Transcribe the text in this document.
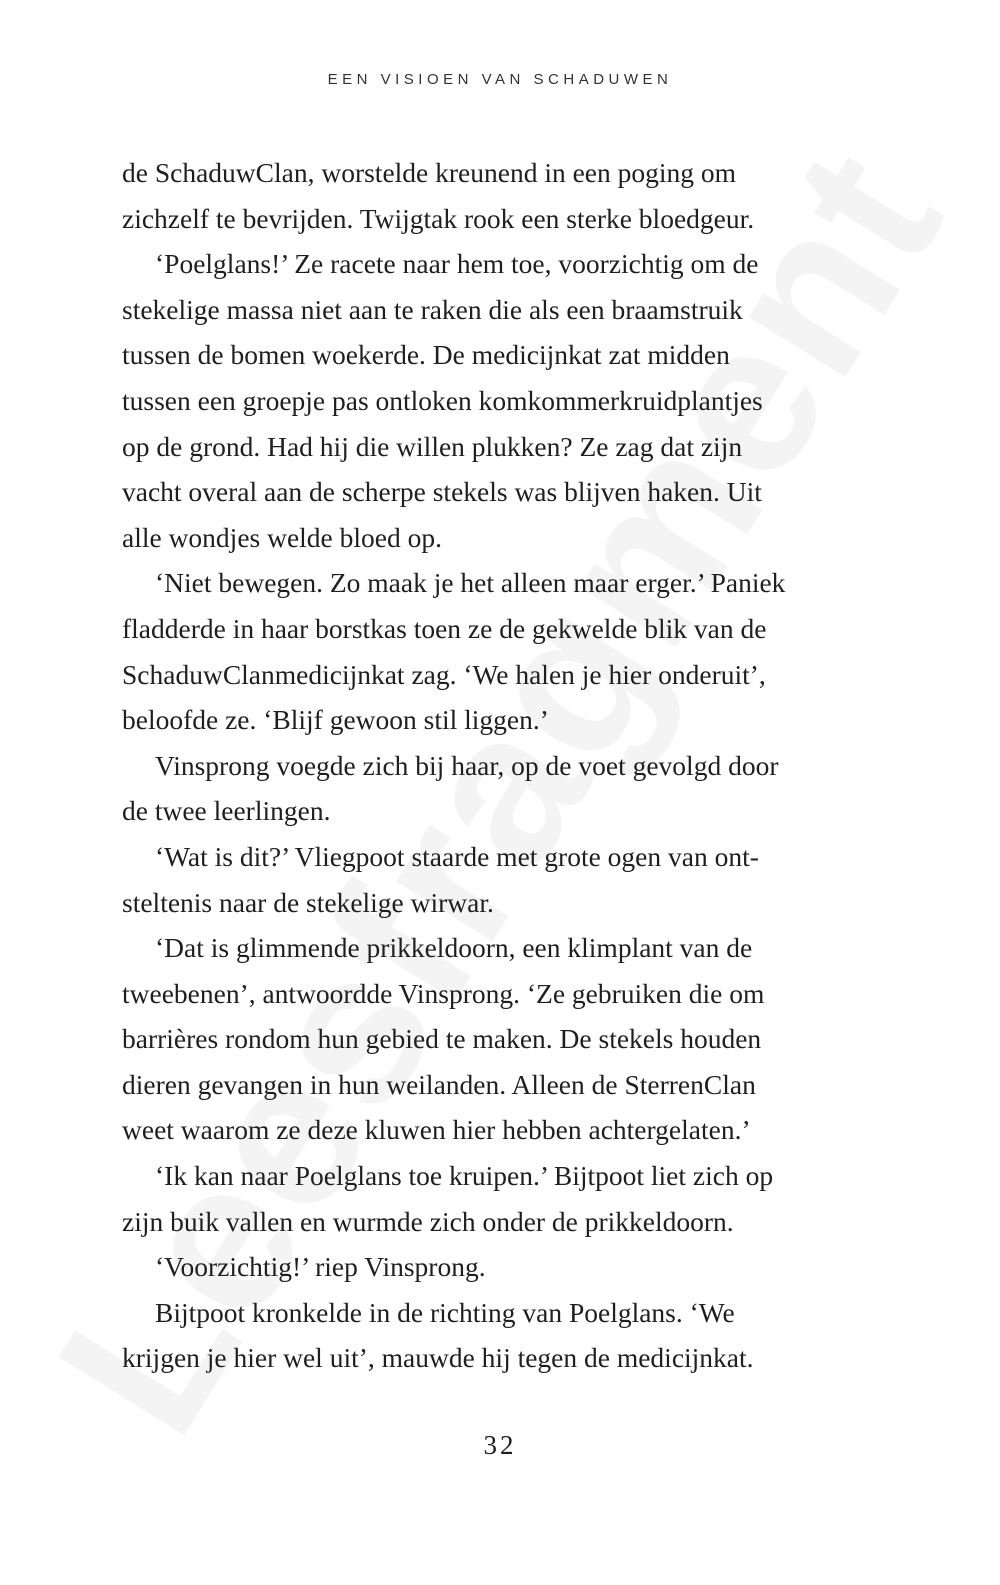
EEN VISIOEN VAN SCHADUWEN
de SchaduwClan, worstelde kreunend in een poging om
zichzelf te bevrijden. Twijgtak rook een sterke bloedgeur.
‘Poelglans!’ Ze racete naar hem toe, voorzichtig om de
stekelige massa niet aan te raken die als een braamstruik
tussen de bomen woekerde. De medicijnkat zat midden
tussen een groepje pas ontloken komkommerkruidplantjes
op de grond. Had hij die willen plukken? Ze zag dat zijn
vacht overal aan de scherpe stekels was blijven haken. Uit
alle wondjes welde bloed op.
‘Niet bewegen. Zo maak je het alleen maar erger.’ Paniek
fladderde in haar borstkas toen ze de gekwelde blik van de
SchaduwClanmedicijnkat zag. ‘We halen je hier onderuit’,
beloofde ze. ‘Blijf gewoon stil liggen.’
Vinsprong voegde zich bij haar, op de voet gevolgd door
de twee leerlingen.
‘Wat is dit?’ Vliegpoot staarde met grote ogen van ont-
steltenis naar de stekelige wirwar.
‘Dat is glimmende prikkeldoorn, een klimplant van de
tweebenen’, antwoordde Vinsprong. ‘Ze gebruiken die om
barrières rondom hun gebied te maken. De stekels houden
dieren gevangen in hun weilanden. Alleen de SterrenClan
weet waarom ze deze kluwen hier hebben achtergelaten.’
‘Ik kan naar Poelglans toe kruipen.’ Bijtpoot liet zich op
zijn buik vallen en wurmde zich onder de prikkeldoorn.
‘Voorzichtig!’ riep Vinsprong.
Bijtpoot kronkelde in de richting van Poelglans. ‘We
krijgen je hier wel uit’, mauwde hij tegen de medicijnkat.
32
